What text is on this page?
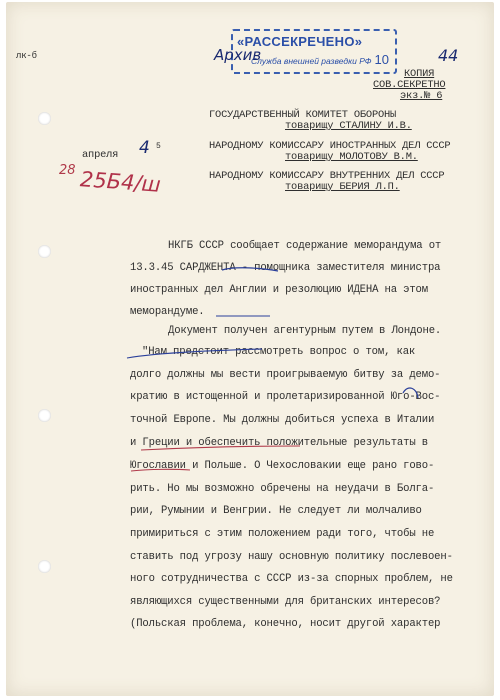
лк-б
«РАССЕКРЕЧЕНО»
Служба внешней разведки РФ 10
Архив	44
КОПИЯ
СОВ.СЕКРЕТНО
экз.№ 6
апреля 4 5
28 25Б4/ш
ГОСУДАРСТВЕННЫЙ КОМИТЕТ ОБОРОНЫ
товарищу СТАЛИНУ И.В.
НАРОДНОМУ КОМИССАРУ ИНОСТРАННЫХ ДЕЛ СССР
товарищу МОЛОТОВУ В.М.
НАРОДНОМУ КОМИССАРУ ВНУТРЕННИХ ДЕЛ СССР
товарищу БЕРИЯ Л.П.
НКГБ СССР сообщает содержание меморандума от
13.3.45 САРДЖЕНТА - помощника заместителя министра
иностранных дел Англии и резолюцию ИДЕНА на этом
меморандуме.
Документ получен агентурным путем в Лондоне.
"Нам предстоит рассмотреть вопрос о том, как
долго должны мы вести проигрываемую битву за демо-
кратию в истощенной и пролетаризированной Юго-Вос-
точной Европе. Мы должны добиться успеха в Италии
и Греции и обеспечить положительные результаты в
Югославии и Польше. О Чехословакии еще рано гово-
рить. Но мы возможно обречены на неудачи в Болга-
рии, Румынии и Венгрии. Не следует ли молчаливо
примириться с этим положением ради того, чтобы не
ставить под угрозу нашу основную политику послевоен-
ного сотрудничества с СССР из-за спорных проблем, не
являющихся существенными для британских интересов?
(Польская проблема, конечно, носит другой характер
